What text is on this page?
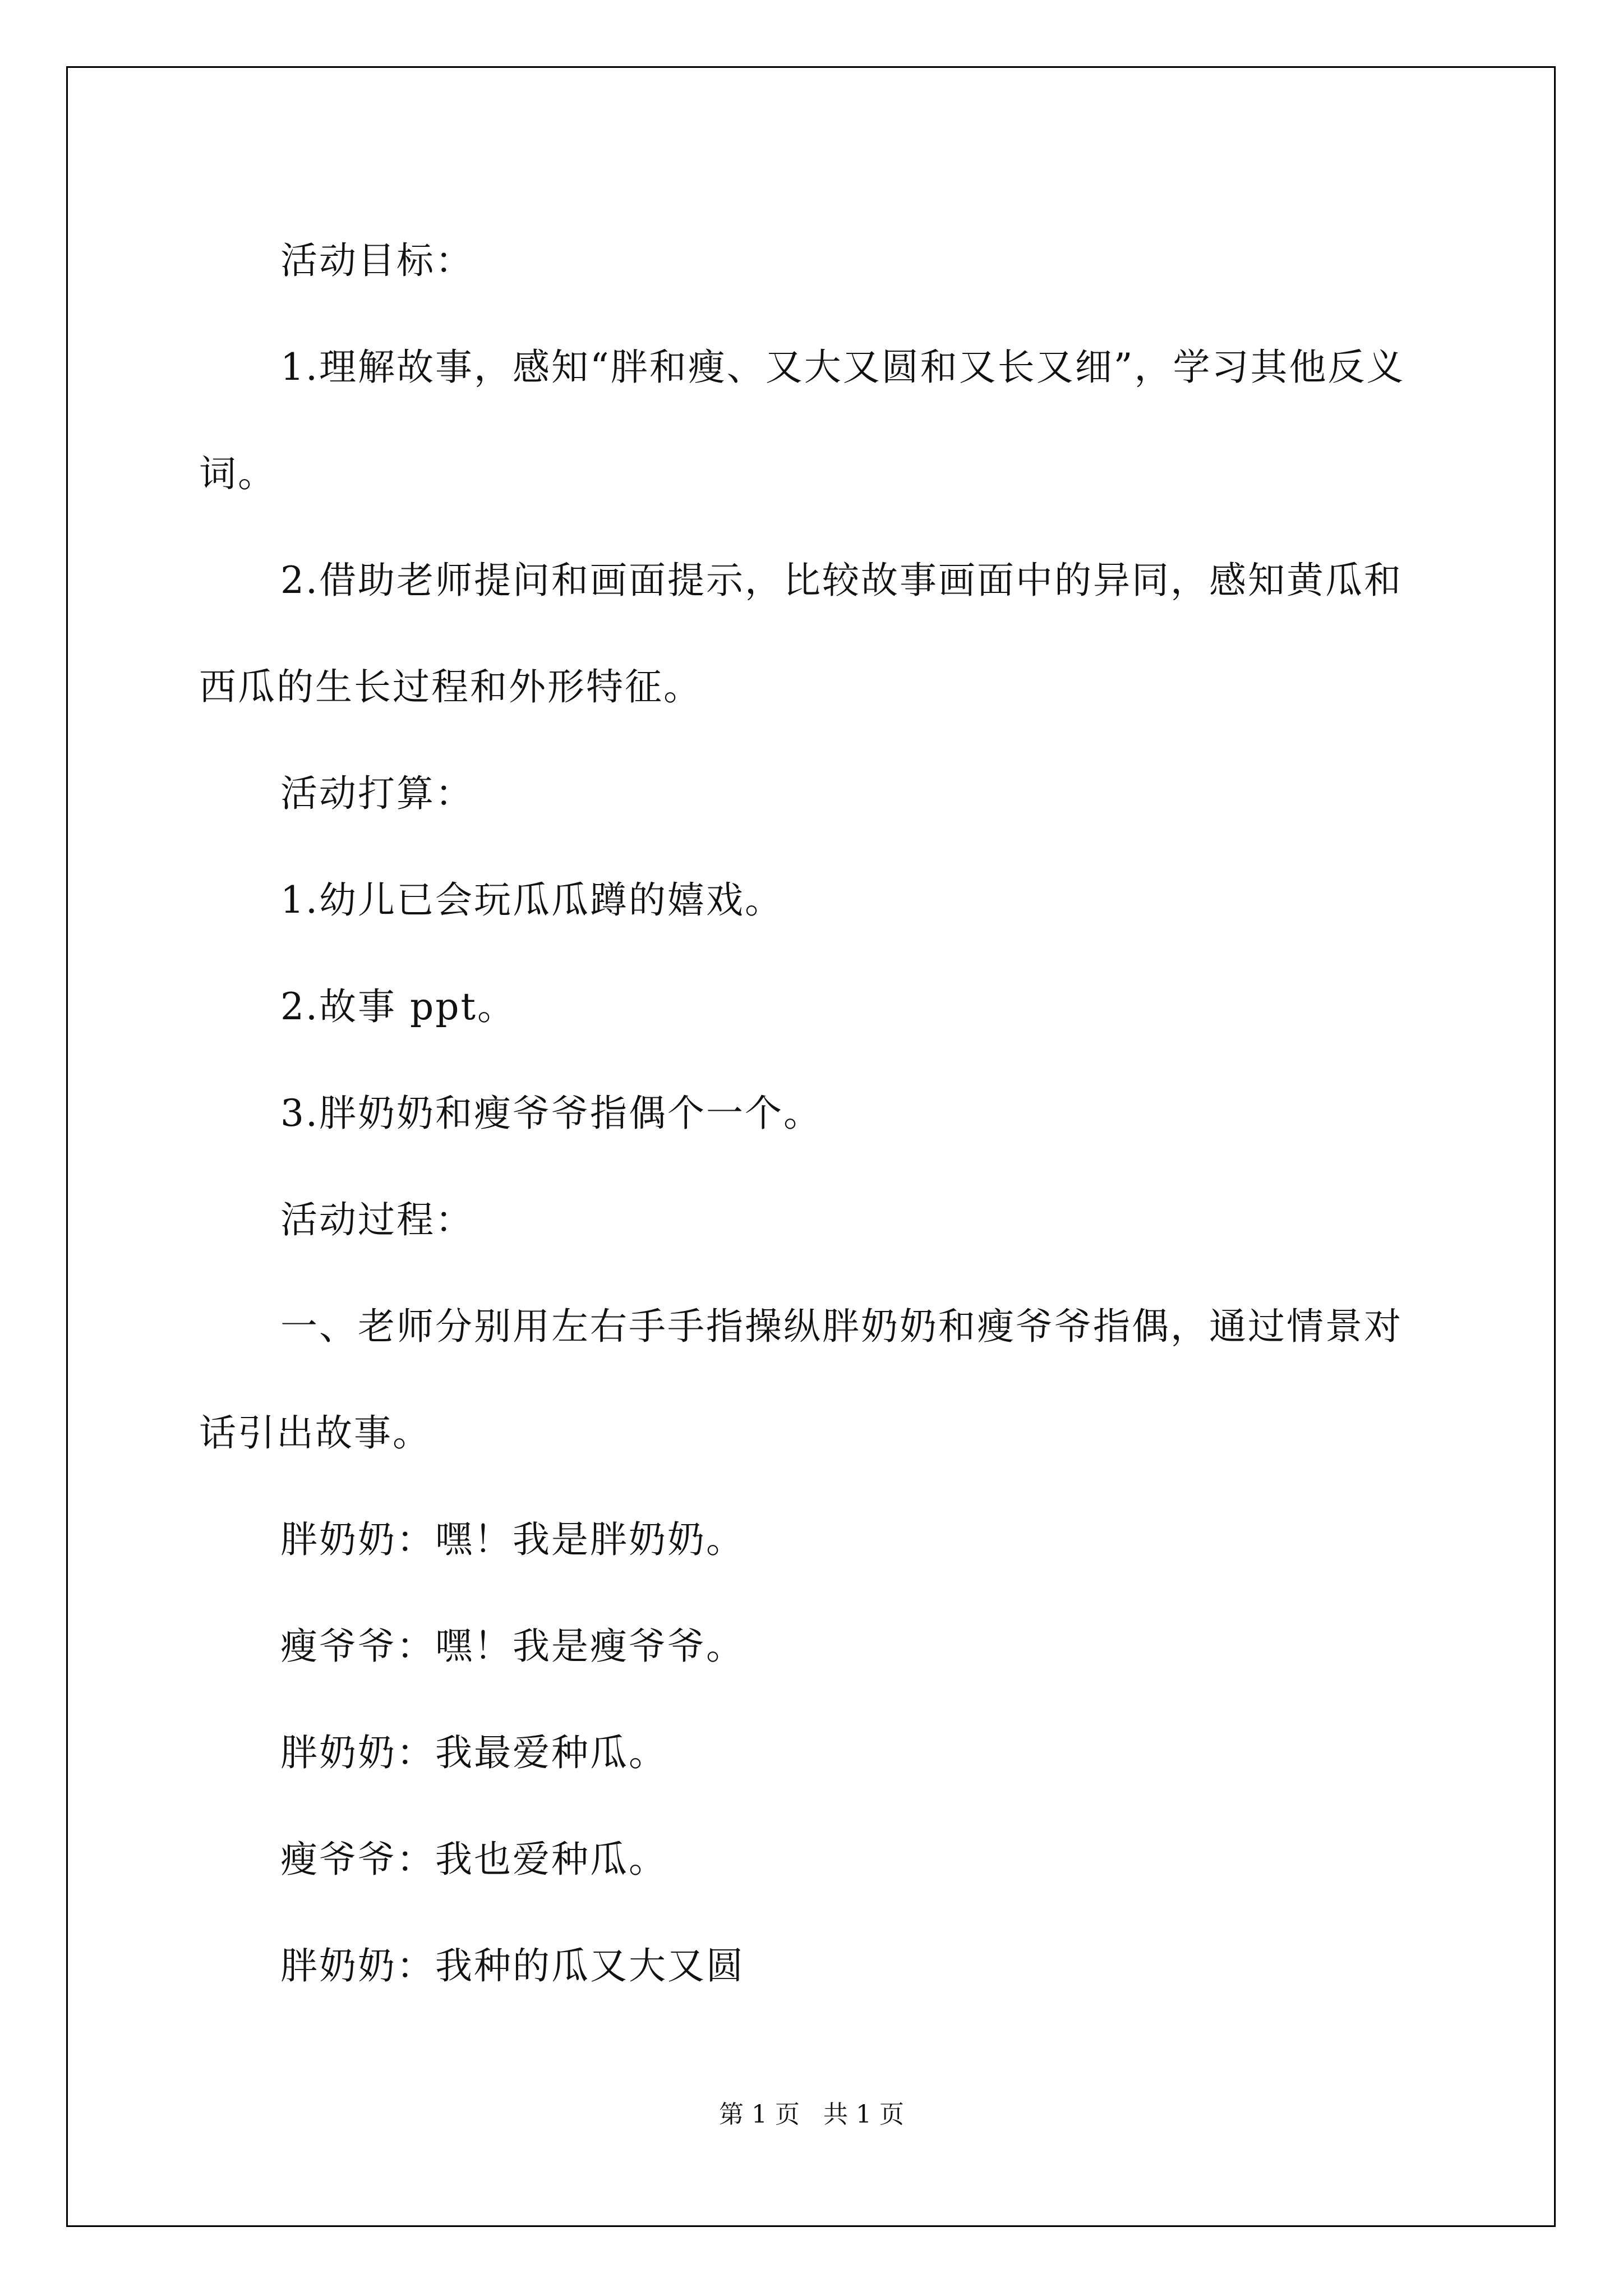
活动目标：

1.理解故事，感知“胖和瘦、又大又圆和又长又细”，学习其他反义词。

2.借助老师提问和画面提示，比较故事画面中的异同，感知黄瓜和西瓜的生长过程和外形特征。

活动打算：

1.幼儿已会玩瓜瓜蹲的嬉戏。

2.故事 ppt。

3.胖奶奶和瘦爷爷指偶个一个。

活动过程：

一、老师分别用左右手手指操纵胖奶奶和瘦爷爷指偶，通过情景对话引出故事。

胖奶奶：嘿！我是胖奶奶。

瘦爷爷：嘿！我是瘦爷爷。

胖奶奶：我最爱种瓜。

瘦爷爷：我也爱种瓜。

胖奶奶：我种的瓜又大又圆

第 1 页 共 1 页
